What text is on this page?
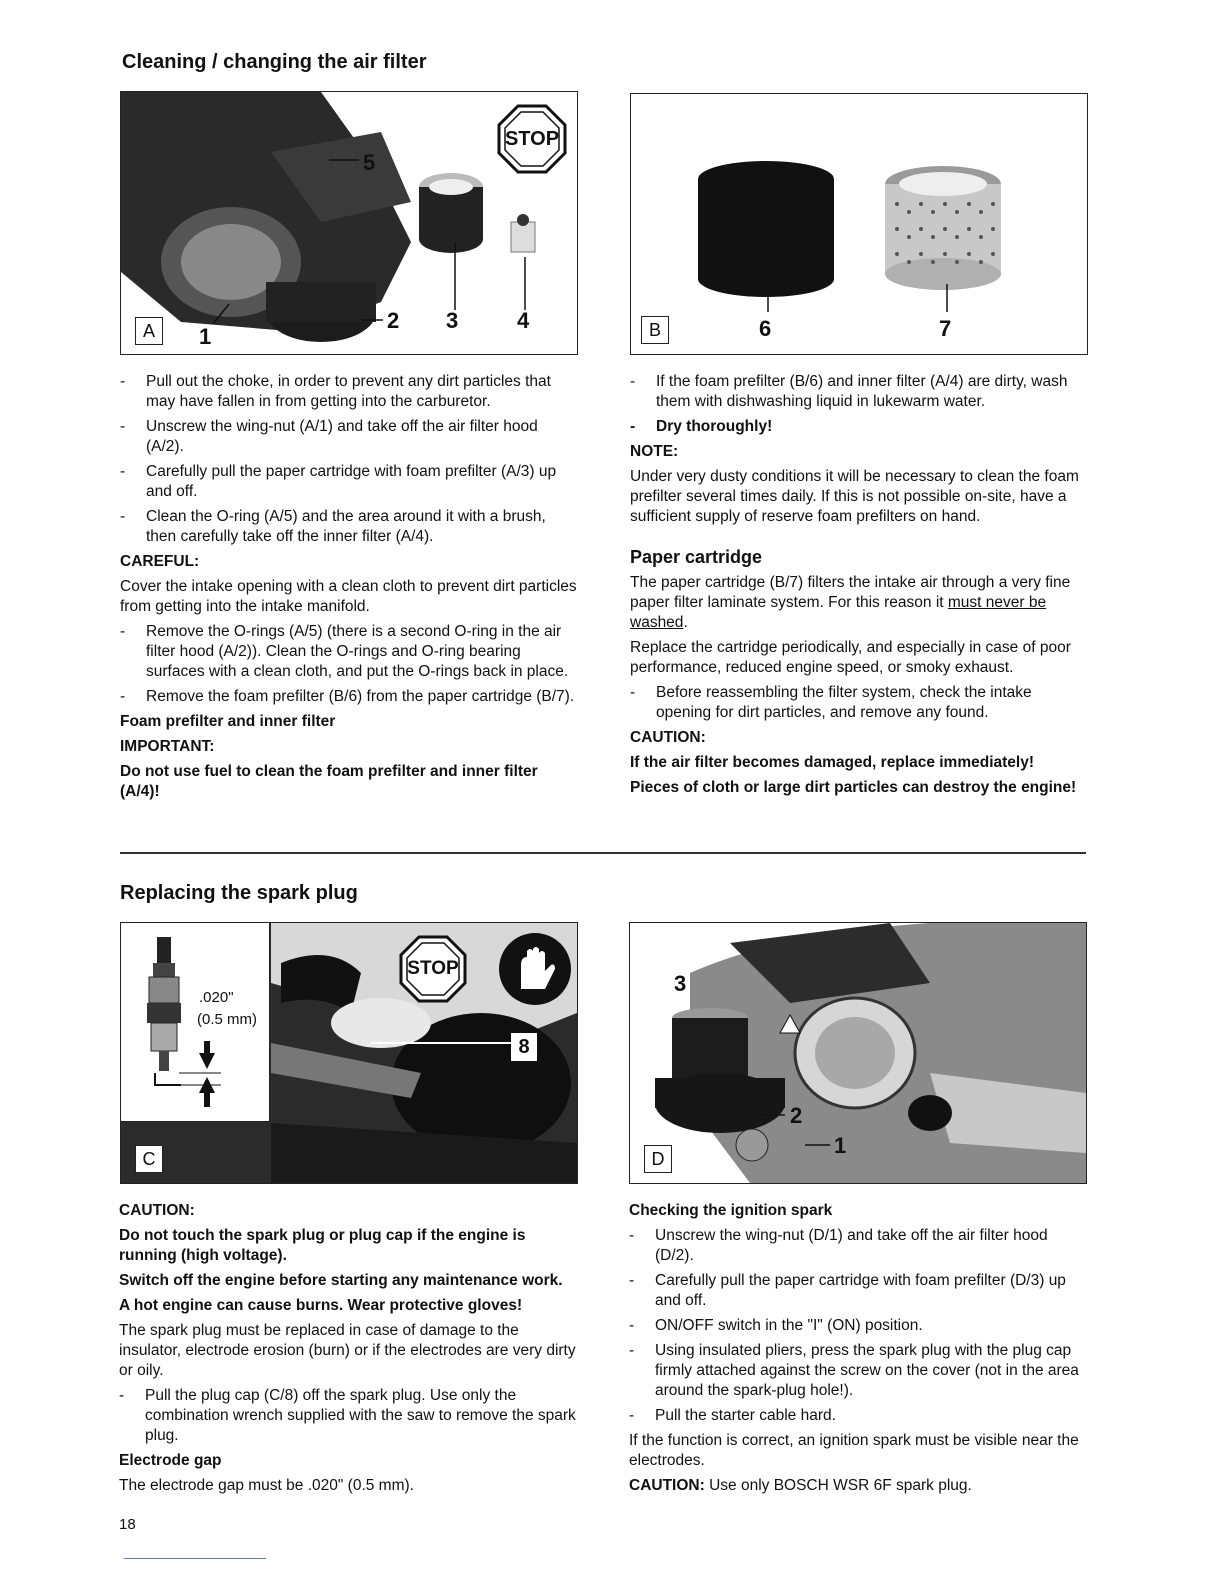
Cleaning / changing the air filter
STOP
5
1
2 3	4
A	6	7
B
- Pull out the choke, in order to prevent any dirt particles that may have fallen in from getting into the carburetor.
- Unscrew the wing-nut (A/1) and take off the air filter hood (A/2).
- Carefully pull the paper cartridge with foam prefilter (A/3) up and off.
- Clean the O-ring (A/5) and the area around it with a brush, then carefully take off the inner filter (A/4).

CAREFUL:

Cover the intake opening with a clean cloth to prevent dirt particles from getting into the intake manifold.

- Remove the O-rings (A/5) (there is a second O-ring in the air filter hood (A/2)). Clean the O-rings and O-ring bearing surfaces with a clean cloth, and put the O-rings back in place.
- Remove the foam prefilter (B/6) from the paper cartridge (B/7).

Foam prefilter and inner filter

IMPORTANT:

Do not use fuel to clean the foam prefilter and inner filter
(A/4)!

- If the foam prefilter (B/6) and inner filter (A/4) are dirty, wash them with dishwashing liquid in lukewarm water.
- Dry thoroughly!

NOTE:

Under very dusty conditions it will be necessary to clean the foam prefilter several times daily. If this is not possible on-site, have a sufficient supply of reserve foam prefilters on hand.

Paper cartridge

The paper cartridge (B/7) filters the intake air through a very fine paper filter laminate system. For this reason it must never be washed.

Replace the cartridge periodically, and especially in case of poor performance, reduced engine speed, or smoky exhaust.

- Before reassembling the filter system, check the intake opening for dirt particles, and remove any found.

CAUTION:

If the air filter becomes damaged, replace immediately!

Pieces of cloth or large dirt particles can destroy the engine!

Replacing the spark plug
.020"
(0.5 mm)
STOP
8
C
3
2
1
D

CAUTION:

Do not touch the spark plug or plug cap if the engine is running (high voltage).

Switch off the engine before starting any maintenance work.

A hot engine can cause burns. Wear protective gloves!

The spark plug must be replaced in case of damage to the insulator, electrode erosion (burn) or if the electrodes are very dirty or oily.

- Pull the plug cap (C/8) off the spark plug. Use only the combination wrench supplied with the saw to remove the spark plug.

Electrode gap

The electrode gap must be .020" (0.5 mm).

18

Checking the ignition spark

- Unscrew the wing-nut (D/1) and take off the air filter hood (D/2).
- Carefully pull the paper cartridge with foam prefilter (D/3) up and off.
- ON/OFF switch in the "I" (ON) position.
- Using insulated pliers, press the spark plug with the plug cap firmly attached against the screw on the cover (not in the area around the spark-plug hole!).
- Pull the starter cable hard.

If the function is correct, an ignition spark must be visible near the electrodes.

CAUTION: Use only BOSCH WSR 6F spark plug.
